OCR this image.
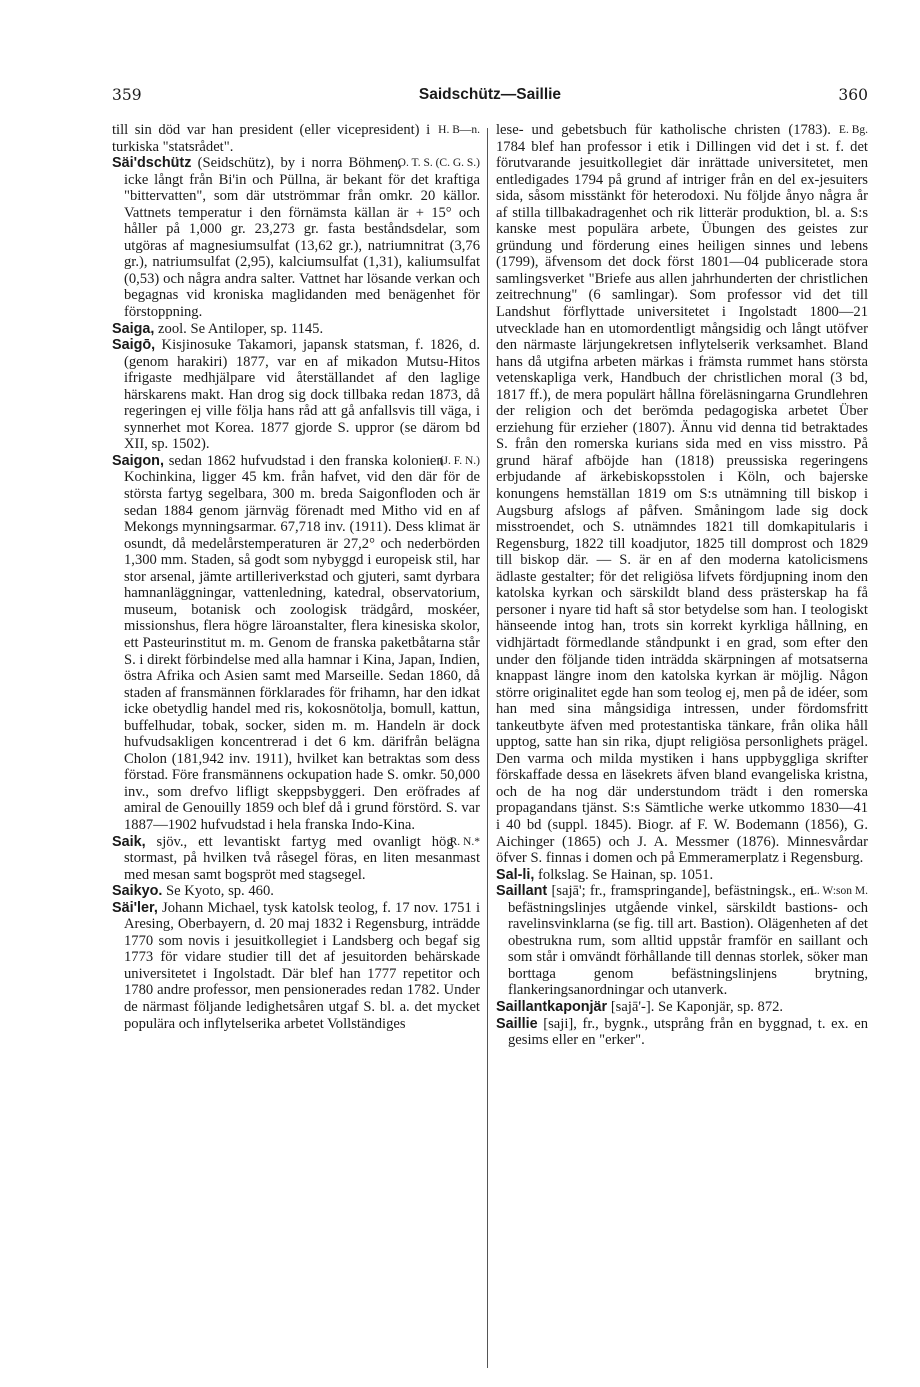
359	Saidschütz—Saillie	360

H. B—n.
till sin död var han president (eller vicepresident) i turkiska "statsrådet".

O. T. S. (C. G. S.)
Säi'dschütz (Seidschütz), by i norra Böhmen, icke långt från Bi'in och Püllna, är bekant för det kraftiga "bittervatten", som där utströmmar från omkr. 20 källor. Vattnets temperatur i den förnämsta källan är + 15° och håller på 1,000 gr. 23,273 gr. fasta beståndsdelar, som utgöras af magnesiumsulfat (13,62 gr.), natriumnitrat (3,76 gr.), natriumsulfat (2,95), kalciumsulfat (1,31), kaliumsulfat (0,53) och några andra salter. Vattnet har lösande verkan och begagnas vid kroniska maglidanden med benägenhet för förstoppning.

Saiga, zool. Se Antiloper, sp. 1145.

Saigō, Kisjinosuke Takamori, japansk statsman, f. 1826, d. (genom harakiri) 1877, var en af mikadon Mutsu-Hitos ifrigaste medhjälpare vid återställandet af den laglige härskarens makt. Han drog sig dock tillbaka redan 1873, då regeringen ej ville följa hans råd att gå anfallsvis till väga, i synnerhet mot Korea. 1877 gjorde S. uppror (se därom bd XII, sp. 1502).

(J. F. N.)
Saigon, sedan 1862 hufvudstad i den franska kolonien Kochinkina, ligger 45 km. från hafvet, vid den där för de största fartyg segelbara, 300 m. breda Saigonfloden och är sedan 1884 genom järnväg förenadt med Mitho vid en af Mekongs mynningsarmar. 67,718 inv. (1911). Dess klimat är osundt, då medelårstemperaturen är 27,2° och nederbörden 1,300 mm. Staden, så godt som nybyggd i europeisk stil, har stor arsenal, jämte artilleriverkstad och gjuteri, samt dyrbara hamnanläggningar, vattenledning, katedral, observatorium, museum, botanisk och zoologisk trädgård, moskéer, missionshus, flera högre läroanstalter, flera kinesiska skolor, ett Pasteurinstitut m. m. Genom de franska paketbåtarna står S. i direkt förbindelse med alla hamnar i Kina, Japan, Indien, östra Afrika och Asien samt med Marseille. Sedan 1860, då staden af fransmännen förklarades för frihamn, har den idkat icke obetydlig handel med ris, kokosnötolja, bomull, kattun, buffelhudar, tobak, socker, siden m. m. Handeln är dock hufvudsakligen koncentrerad i det 6 km. därifrån belägna Cholon (181,942 inv. 1911), hvilket kan betraktas som dess förstad. Före fransmännens ockupation hade S. omkr. 50,000 inv., som drefvo lifligt skeppsbyggeri. Den eröfrades af amiral de Genouilly 1859 och blef då i grund förstörd. S. var 1887—1902 hufvudstad i hela franska Indo-Kina.

R. N.*
Saik, sjöv., ett levantiskt fartyg med ovanligt hög stormast, på hvilken två råsegel föras, en liten mesanmast med mesan samt bogspröt med stagsegel.

Saikyo. Se Kyoto, sp. 460.

Säi'ler, Johann Michael, tysk katolsk teolog, f. 17 nov. 1751 i Aresing, Oberbayern, d. 20 maj 1832 i Regensburg, inträdde 1770 som novis i jesuitkollegiet i Landsberg och begaf sig 1773 för vidare studier till det af jesuitorden behärskade universitetet i Ingolstadt. Där blef han 1777 repetitor och 1780 andre professor, men pensionerades redan 1782. Under de närmast följande ledighetsåren utgaf S. bl. a. det mycket populära och inflytelserika arbetet Vollständiges

E. Bg.
lese- und gebetsbuch für katholische christen (1783). 1784 blef han professor i etik i Dillingen vid det i st. f. det förutvarande jesuitkollegiet där inrättade universitetet, men entledigades 1794 på grund af intriger från en del ex-jesuiters sida, såsom misstänkt för heterodoxi. Nu följde ånyo några år af stilla tillbakadragenhet och rik litterär produktion, bl. a. S:s kanske mest populära arbete, Übungen des geistes zur gründung und förderung eines heiligen sinnes und lebens (1799), äfvensom det dock först 1801—04 publicerade stora samlingsverket "Briefe aus allen jahrhunderten der christlichen zeitrechnung" (6 samlingar). Som professor vid det till Landshut förflyttade universitetet i Ingolstadt 1800—21 utvecklade han en utomordentligt mångsidig och långt utöfver den närmaste lärjungekretsen inflytelserik verksamhet. Bland hans då utgifna arbeten märkas i främsta rummet hans största vetenskapliga verk, Handbuch der christlichen moral (3 bd, 1817 ff.), de mera populärt hållna föreläsningarna Grundlehren der religion och det berömda pedagogiska arbetet Über erziehung für erzieher (1807). Ännu vid denna tid betraktades S. från den romerska kurians sida med en viss misstro. På grund häraf afböjde han (1818) preussiska regeringens erbjudande af ärkebiskopsstolen i Köln, och bajerske konungens hemställan 1819 om S:s utnämning till biskop i Augsburg afslogs af påfven. Småningom lade sig dock misstroendet, och S. utnämndes 1821 till domkapitularis i Regensburg, 1822 till koadjutor, 1825 till domprost och 1829 till biskop där. — S. är en af den moderna katolicismens ädlaste gestalter; för det religiösa lifvets fördjupning inom den katolska kyrkan och särskildt bland dess prästerskap ha få personer i nyare tid haft så stor betydelse som han. I teologiskt hänseende intog han, trots sin korrekt kyrkliga hållning, en vidhjärtadt förmedlande ståndpunkt i en grad, som efter den under den följande tiden inträdda skärpningen af motsatserna knappast längre inom den katolska kyrkan är möjlig. Någon större originalitet egde han som teolog ej, men på de idéer, som han med sina mångsidiga intressen, under fördomsfritt tankeutbyte äfven med protestantiska tänkare, från olika håll upptog, satte han sin rika, djupt religiösa personlighets prägel. Den varma och milda mystiken i hans uppbyggliga skrifter förskaffade dessa en läsekrets äfven bland evangeliska kristna, och de ha nog där understundom trädt i den romerska propagandans tjänst. S:s Sämtliche werke utkommo 1830—41 i 40 bd (suppl. 1845). Biogr. af F. W. Bodemann (1856), G. Aichinger (1865) och J. A. Messmer (1876). Minnesvårdar öfver S. finnas i domen och på Emmeramerplatz i Regensburg.

Sal-li, folkslag. Se Hainan, sp. 1051.

L. W:son M.
Saillant [sajā'; fr., framspringande], befästningsk., en befästningslinjes utgående vinkel, särskildt bastions- och ravelinsvinklarna (se fig. till art. Bastion). Olägenheten af det obestrukna rum, som alltid uppstår framför en saillant och som står i omvändt förhållande till dennas storlek, söker man borttaga genom befästningslinjens brytning, flankeringsanordningar och utanverk.

Saillantkaponjär [sajā'-]. Se Kaponjär, sp. 872.

Saillie [saji], fr., bygnk., utsprång från en byggnad, t. ex. en gesims eller en "erker".
